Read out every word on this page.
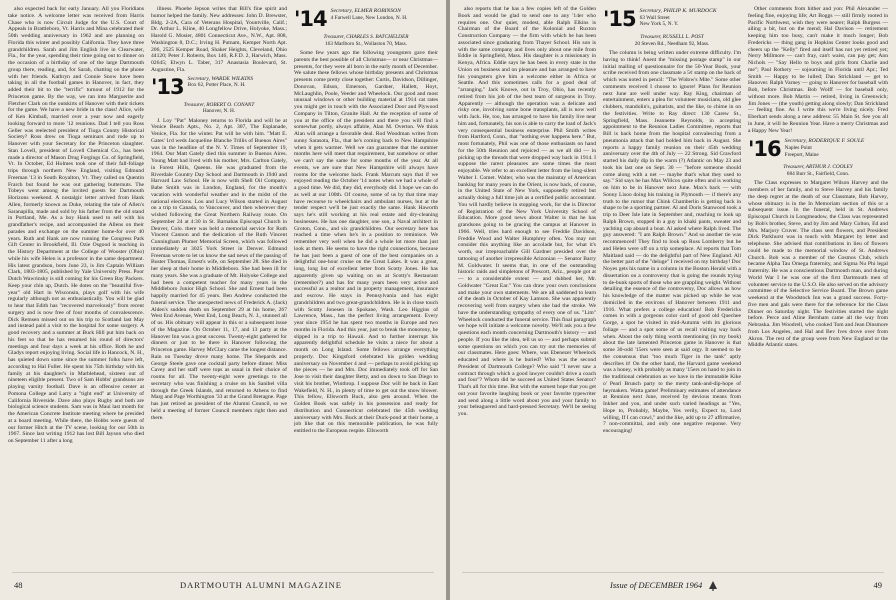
also expected back for early January. All you Floridians take notice. A welcome letter was received from Harris Chase who is now Circuit Judge for the U.S. Court of Appeals in Brattleboro, Vt. Harris and Mina celebrated their 50th wedding anniversary in 1962 and are planning on Florida this winter and possibly California. They have three grandchildren. Sarah and Jim English live in Clearwater, Fla., for the year, spending their time going out to dinner on the occasion of a birthday of one of the large Dartmouth group there, reading, and, for Sarah, chatting on the phone with her friends. Kathryn and Connie Snow have been taking in all the football games in Hanover, in fact, they added their bit to the "terrific" turnout of 1912 for the Princeton game. By the way, we ran into Marguerite and Fletcher Clark on the outskirts of Hanover with their tickets for the game. We have a new bride in the class! Alice, wife of Ken Kimball, married over a year now and eagerly looking forward to more '12 reunions. Dad I tell you Ross Geller was reelected president of Tioga County Historical Society? Ross drew on Tioga seminars and rode up to Hanover with your Secretary for the Princeton slaughter. Stan Lovell, president of Lovell Chemical Co., has been made a director of Mason Drug Forgings Co. of Springfield, Vt. In October, Ed Holmes took one of their fall-foliage trips through northern New England, visiting Edmund Freeman '13 in South Royalton, Vt. They called on Quentin Frarch but found he was out gathering butternuts. The Tobeys went among the invited guests for Dartmouth Horizons weekend. A nostalgic letter arrived from Hank Allen, formerly known as Duke, relating the tale of Allen's Saranapilla, made and sold by his father from the old stand in Portland, Me. As a boy Hank used to sell with his grandfather's recipe, and accompanied the Allens on their parades and exchange on the summer home-for over 40 years. Ruth and Hank are now running the Congress Park Gift Center in Brookfield, Ill. Ozie Osgood is teaching in the History Department at the College of Wooster (Ohio) while his wife Helen is a professor in the same department. His latest grandson, born June 23, is Jim Captain William Clark, 1803-1805, published by Yale University Press. Poor Dutch Wawrinsky is still coming for his Green Bay Packers. Keep your chin up, Dutch. He dotes on the "beautiful five-year" old Hart in Wisconsin, plays golf with his wife regularly although not as enthusiastically. You will be glad to hear that Edith has "recovered marvelously" from recent surgery and is now free of four months of convalescence. Dick Remsen missed out on his trip to Scotland last May and instead paid a visit to the hospital for some surgery. A good recovery and a summer at Buck Hill put him back on his feet so that he has resumed his round of directors' meetings and four days a week at his office. Both he and Gladys report enjoying living. Social life in Hancock, N. H., has quieted down some since the summer folks have left, according to Hal Fuller. He spent his 75th birthday with his family at his daughter's in Marblehead, sixteen out of nineteen eligible present. Two of Sam Hobbs' grandsons are playing varsity football. Dave is an offensive center at Pomona College and Larry a "tight end" at University of California Riverside. Dave also plays Rugby and both are biological science students. Sam was in Maui last month for the American Concrete Institute meeting where he presided at a board meeting. While there, the Hobbs were guests of our former Hitch at the TV scene, looking for our 50th in 1967. Since last writing 1912 has lost Bill Jayson who died on September 11 after a long

illness. Phoebe Jepson writes that Bill's fine spirit and humor helped the family. New addresses: John D. Brewster, Bldg. 2-2A, Cara of Veterans Hospital, Yountville, Calif.; Dr. Arthur L. Kline, 40 Longfellow Drive, Holyoke, Mass.; Harold G. Mosier, 4801 Connecticut Ave., N.W., Apt. 808, Washington 8, D.C.; Irving H. Putnam, Kemper North Apt. 206, 2525 Kemper Road, Shaker Heights, Cleveland, Ohio 44120; Peter J. Roberts, Box 146, R.F.D. 2, Harwich, Mass. 02645; Elwyn L. Taber, 317 Anastasia Boulevard, St. Augustine, Fla.

'13 Secretary, WARDE WILKINS
Box 62, Potter Place, N. H.
Treasurer, ROBERT O. CONANT
Hanover, N. H.

J. Loy "Pat" Maloney returns to Florida and will be at Venice Beach Apts., No. 2, Apt. 307, The Esplanade, Venice, Fla. for the winter. Pat will be with him. "Matt E. Gates' 1rd weds Jacqueline Blanche Trillis of Buenos Aires" was in the headline of the N. Y. Times of September 19, 1964. Our Matt Gately died this summer in Buenos Aires. Young Matt had lived with his mother, Mrs. Carlton Gately, in Forest Hills, Queens. He was graduated from the Riverdale Country Day School and Dartmouth in 1940 and Harvard Law School. He is now with Shell Oil Company. Babe Smith was in London, England, for the month's vacation with wonderful weather and in the midst of the national elections. Lou and Lucy Wilson started in August on a trip to Canada, to Vancouver, and then wherever they wished following the Great Northern Railway route. On September 24 at 4:30 in St. Barnabas Episcopal Church in Denver, Colo. there was held a memorial service for Ruth Vincent Cannon and the dedication of the Ruth Vincent Cunningham Plumer Memorial Screen, which was followed immediately at 3025 York Street in Denver. Edmund Freeman wrote to let us know the sad news of the passing of Buster Thomas, Ernest's wife, on September 28. She died in her sleep at their home in Middleboro. She had been ill for many years. She was a graduate of Mt. Holyoke College and had been a competent teacher for many years in the Middleboro Junior High School. She and Ernest had been happily married for 45 years. Ben Andrew conducted the funeral service. The unexpected news of Frederick A. (Jack) Alden's sudden death on September 29 at his home, 267 West End Avenue, West End, Long Beach, N. J., stunned all of us. His obituary will appear in this or a subsequent issue of the Magazine. On October 11, 17, and 13 party at the Hanover Inn was a great success. Twenty-eight gathered for dinners or just to be there in Hanover following the Princeton game. Harvey McClary came the longest distance. Rain on Tuesday drove many home. The Shepards and George Steele gave one cocktail party before dinner. Miss Cavey and her staff were tops as usual in their choice of rooms for all. The twenty-eight were greetings to the secretary who was finishing a cruise on his Sanibel villa through the Greek Islands, and returned to Athens to find Marg and Page Worthington '33 at the Grand Bretagne. Page has just retired as president of the Alumni Council, so we held a meeting of former Council members right then and there.

'14 Secretary, ELMER ROBINSON
4 Farwell Lane, New London, N. H.
Treasurer, CHARLES S. BATCHELDER
163 Marlboro St., Wollaston 70, Mass.

Some few years ago the following youngsters gave their parents the best possible of all Christmas— or near Christmas— presents, for they were all born in the early month of December. We salute these fellows whose birthday presents and Christmas presents come pretty close together: Curtis, Davidson, Dillinger, Donovan, Edson, Emerson, Gardner, Hallett, Hoyt, McLaughlin, Poole, Veeder and Wheelock. Our good and most unusual windows or other building material at 1914 cat rates you might get in touch with the Associated Door and Plywood Company in Tilton, Granite Hall. At the reception of some of you at the office of the president and there you will find a somewhat portly, always affable, Alan M. Overton. We think Alan will arrange a favorable deal. Rod Woodman writes from sunny Sarasota, Fla., that he's coming back to New Hampshire when it gets warmer. Well we can guarantee that the summer months here will meet that requirement, but somehow or other we can't say the same for some months of the year. At all events, we are sure that New Hampshire will always have rooms for the welcome back. Frank Marcum says that if we enjoyed reading the October '14 notes when we had a whole of a good time. We did, they did, everybody did. I hope we can do as well at our 100th. Of course, some of us by that time may have recourse to wheelchairs and ambulant nurses, but at the tender respect we'll be just exactly the same. Hank Haworth says he's still working at his real estate and dry-cleaning businesses. He has one daughter, one son, a Naval architect in Groton, Conn., and six grandchildren. Our secretary here has reached a time when he's in a position to reminisce. We remember very well when he did a whole lot more than just look at them. He seems to have the right connections, because he has just been a guest of one of the best companies on a delightful one-hour cruise on the Great Lakes. It was a great, long, long list of excellent letter from Scotty Jones. He has apparently given up waiting on us at Scotty's Restaurant (remember?) and has for many years been very active and successful as a realtor and in property management, insurance and escrow. He stays in Pennsylvania and has eight grandchildren and two great-grandchildren. He is in close touch with Scotty Jonesen in Spokane, Wash. Leo Higgins of Lawrence, Mass., has the perfect living arrangement. Every year since 1954 he has spent two months in Europe and two months in Florida. And this year, just to break the monotony, he slipped in a trip to Hawaii. And to further interrupt his apparently delightful schedule he visits a niece for about a month on Long Island. Some fellows arrange everything properly. Doc Kingsford celebrated his golden wedding anniversary on November 4 and — perhaps to avoid picking up the pieces — he and Mrs. Doc immediately took off for San Jose to visit their daughter Betty, and on down to San Diego to visit his brother, Winthrop. I suppose Doc will be back in East Wakefield, N. H., in plenty of time to get out the snow blower. This fellow, Ellsworth Buck, also gets around. When the Golden Book was safely in his possession and ready for distribution and Connecticut celebrated the 45th wedding anniversary with Mrs. Buck at their Duck-pond at their home, a job like that on this memorable publication, he was fully entitled to the European respite. Ellsworth

48	DARTMOUTH ALUMNI MAGAZINE

also reports that he has a few copies left of the Golden Book and would be glad to send one to any '14er who requires one. Our quiet, modest, able Ralph Elkins is Chairman of the Board of the Kolonial and Ruxton Construction Company — the firm with which he has been associated since graduating from Thayer School. His son is with the same company and lives only about one mile from Eddie in Springfield, Mass. His daughter is a missionary in Kenya, Africa. Eddie says he has been in every state in the Union on business and on pleasure and has arranged to have his youngsters give him a welcome either in Africa or Seattle. And this sometimes calls for a good deal of "arranging." Jack Knowe, out in Troy, Ohio, has recently retired from his job of the best team of surgeons in Troy. Apparently — although the operation was a delicate and risky one, involving some bone transplants, all is now well with Jack. He, too, has arranged to have his family live near him and, fortunately, his son is able to carry the load of Jack's very consequential business enterprise. Phil Smith writes from Hartford, Conn., that "nothing ever happens here." But, most fortunately, Phil was one of those enthusiasts on hand for the 50th Reunion and rejoiced — as we all did — in picking up the threads that were dropped way back in 1914. I suppose the rarest pleasures are some times the most enjoyable. We refer to an excellent letter from the long-silent Walter I. Comet. Walter, who was the mainstay of American banking for many years in the Orient, is now back, of course, in the United State of New York, supposedly retired but actually doing a full time job as a certified public accountant. You will hardly believe in stopping work, for she is Director of Registration of the New York University School of Education. More good news about Walter is that he has grandsons going to be gracing the campus at Hanover in 1966. Well, tries hard enough to see Freddie Davidson, Freddie Wood and Walter Humphrey often. You may not consider this anything like an accolade but, for what it's worth, our irreproachable Gill Gardner presided over the tattooing of another irrepressible Arizonian — Senator Barry M. Goldwater. It seems that, in one of the outstanding historic raids and simpletons of Prescott, Ariz., people got at — to a considerable extent — and dubbed her, Mr. Goldwater "Great Ear." You can draw your own conclusions and make your own statements. We are all saddened to learn of the death in October of Kay Lamson. She was apparently recovering well from surgery when she had the stroke. We have the understanding sympathy of every one of us. "Lim" Wheelock conducted the funeral service. This final paragraph we hope will initiate a welcome novelty. We'll ask you a few questions each month concerning Dartmouth's history — and people. If you like the idea, tell us so — and perhaps submit some questions on which you can try out the memories of our classmates. Here goes: Where, was Ebenezer Wheelock educated and where is he buried? Who was the second President of Dartmouth College? Who said "I never saw a contract through which a good lawyer couldn't drive a coach and four"? Whom did he succeed as United States Senator? That's all for this time. But with the earnest hope that you get out your favorite laughing book or your favorite typewriter and send along a little word about you and your family to your beleaguered and hard-pressed Secretary. We'll be seeing you.

'15 Secretary, PHILIP K. MURDOCK
63 Wall Street
New York 5, N. Y.
Treasurer, RUSSELL L. POST
20 Steven Rd., Needham 92, Mass.

The column is being written under extreme difficulty. I'm having to think! Anent the "missing postage stamp" in our initial mailing of questionnaire for the 50-Year Book, your scribe received from one classmate a 5¢ stamp on the back of which was noted in pencil: "The Widow's Mite." Some other comments received I choose to ignore! Plans for Reunion next June are well under way. Ray King, chairman of entertainment, enters a plea for volunteer musicians, old glee clubbers, mandolin's, guitarists, and the like, to chime in on the festivities. Write to Ray direct: 130 Carew St., Springfield, Mass. Jeannette Reynolds, in accepting appointment to the Reunion Ladies Committee, reports that Bill is back home from the hospital convalescing from a pneumonia attack that had holded him back in August. She reports a happy family reunion on their 45th wedding anniversary over the 4th of July — 22 Strong. Sid Crawford started his daily dip in the warm (?) Atlantic on May 23 and took his last one on Sept. 30 — "before someone should come along with a net — maybe that's what they used to say." Sid says he has Max Willcox quite often and is working on him to be in Hanover next June. Max's back — with Sonny Lisoo doing his training in Plymouth — if there's any truth to the rumor that Chink Chamberlin is getting back in shape to be a sporting partner. Al and Doris Stanwood took a trip to Deer Isle late in September and, reaching to look up Ralph Brown, stopped in a guy in khaki pants, sweater and yachting cap aboard a boat. Al asked where Ralph lived. The guy answered: "I am Ralph Brown." And so another tie was recommenced! They find to look up Russ Lomberry but he and Helen were off on a trip someplace. Al reports that Tom Maitland said — do the delightful part of New England. All the better part of the "deluge" I received on my birthday! Doc Noyes gets his name in a column in the Boston Herald with a dissertation on a controversy that is going the rounds trying to de-bunk sports of those who are grappling weight. Without detailing the essence of the controversy, Doc allows as how his knowledge of the matter was picked up while he was domiciled in the environs of Hanover between 1911 and 1916. What prefers a college education! Bob Fredericks comes in with a gorgeous color card of good old Quechee Gorge, a spot he visited in mid-Autumn with its glorious foliage — and a spot some of us recall visiting way back when. About the only thing worth mentioning (in my book) about the late lamented Princeton game in Hanover is that some 30-odd '15ers were seen at said orgy. It seemed to be the consensus that "too much Tiger in the tank" aptly describes it! On the other hand, the Harvard game weekend was a honey, with probably as many '15ers on hand to join in the traditional celebration as we have in the immutable Kike o' Pearl Brunch party to the merry tank-and-dip-hope of heymakers. Watta game! Preliminary estimates of attendance at Reunion next June, received by devious means from Inkher and you, and under such varied headings as "Yes, Hope to, Probably, Maybe, Yes verily, Expect to, Lord willing, If I can crawl," and the like, add up to 27 affirmative, 7 non-committal, and only one negative response. Very encouraging!

Other comments from hither and yon: Phil Alexander — feeling fine, enjoying life; Art Boggs — still firmly rooted in Pacific Northwest, wish they were nearer; Ralph Burgess — ailing a bit, but on the mend; Hal Davison — retirement keeping him too busy, can't make it much longer; Bob Fredericks — thing gang in Hopkins Center looks good and cheers up the "Kelly" fired and itself has not yet retired yet; Nerry Millmore — can't fray, can't waist, can pay get; Ann Nichols — "Say Hello to boys and girls from Charlie and me"; Paul Rothery — sojourning in Florida until Apr.; Ted Smith — Happy to be lulled; Dan Strickland — get to Hanover. Ralph Varney — going to Hanover for baseball with Bob, before Christmas. Bob Wolff — for baseball only, without more. Bob Martin — retired, living in Greenwich; Jim Jones — (the youth) getting along slowly; Dan Strickland — feeling fine. As I write this we're living nicely. Fred Eberhart sends along a new address: 55 Main St. See you all in June, it will be Reunion Year. Have a merry Christmas and a Happy New Year!

'16 Secretary, RODERIQUE F. SOULE
Naples Point
Freeport, Maine
Treasurer, ARTHUR J. COOLEY
684 Burr St., Fairfield, Conn.

The Class expresses to Margaret Wilson Harvey and the members of her family, and to Steve Harvey and his family the deep regret at the death of our Classmate, Bob Harvey, whose obituary is in the In Memoriam section of this or a subsequent issue. In the funeral, held in St. Andrews Episcopal Church in Longmeadow, the Class was represented by Bob's brother, Steve, and by Jim and Mary Colton, Ed and Mrs. Marjory Cruver. The class sent flowers, and President Dick Parkhurst was in touch with Margaret by letter and telephone. She advised that contributions in lieu of flowers could be made to the memorial window of St. Andrews Church. Bob was a member of the Cosmos Club, which became Alpha Tau Omega fraternity, and Sigma Nu Phi legal fraternity. He was a conscientious Dartmouth man, and during World War I he was one of the first Dartmouth men of volunteer service to the U.S.O. He also served on the advisory committee of the Selective Service Board. The Brown game weekend at the Woodstock Inn was a grand success. Forty-five men and gals were there for the reference for the Class Dinner on Saturday night. The festivities started the night before. Perce and Aline Bernham came all the way from Nebraska. Jim Woodrell, who cooked Tom and Jean Dinsmore from Los Angeles, and Hal and Bev Ives drove over from Akron. The rest of the group were from New England or the Middle Atlantic states.

Issue of DECEMBER 1964	49
